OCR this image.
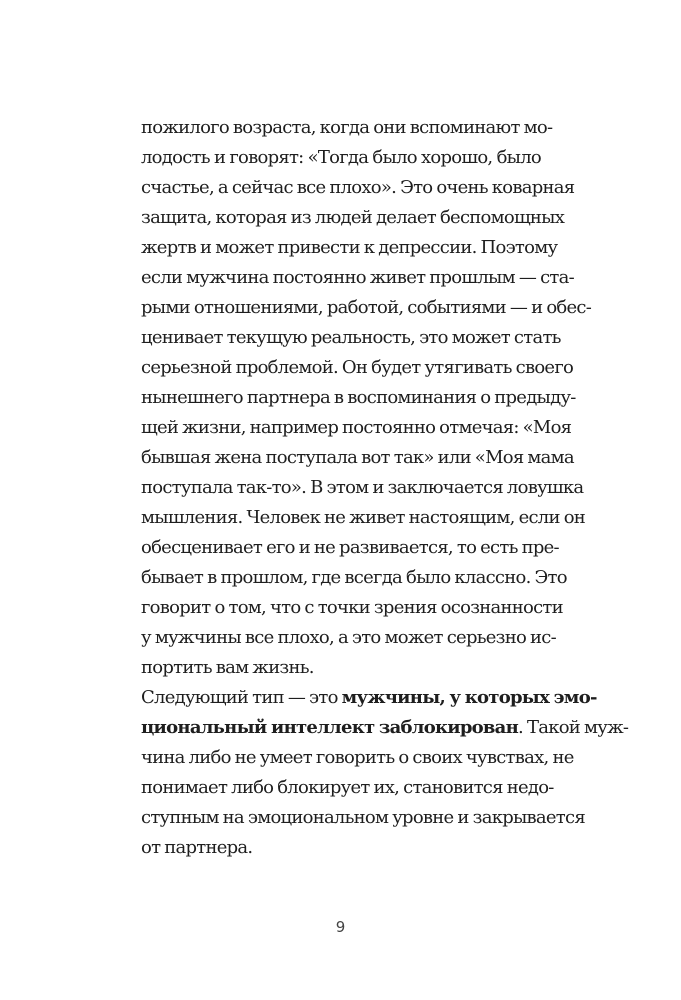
пожилого возраста, когда они вспоминают мо-
лодость и говорят: «Тогда было хорошо, было
счастье, а сейчас все плохо». Это очень коварная
защита, которая из людей делает беспомощных
жертв и может привести к депрессии. Поэтому
если мужчина постоянно живет прошлым — ста-
рыми отношениями, работой, событиями — и обес-
ценивает текущую реальность, это может стать
серьезной проблемой. Он будет утягивать своего
нынешнего партнера в воспоминания о предыду-
щей жизни, например постоянно отмечая: «Моя
бывшая жена поступала вот так» или «Моя мама
поступала так-то». В этом и заключается ловушка
мышления. Человек не живет настоящим, если он
обесценивает его и не развивается, то есть пре-
бывает в прошлом, где всегда было классно. Это
говорит о том, что с точки зрения осознанности
у мужчины все плохо, а это может серьезно ис-
портить вам жизнь.
Следующий тип — это мужчины, у которых эмо-
циональный интеллект заблокирован. Такой муж-
чина либо не умеет говорить о своих чувствах, не
понимает либо блокирует их, становится недо-
ступным на эмоциональном уровне и закрывается
от партнера.
9
